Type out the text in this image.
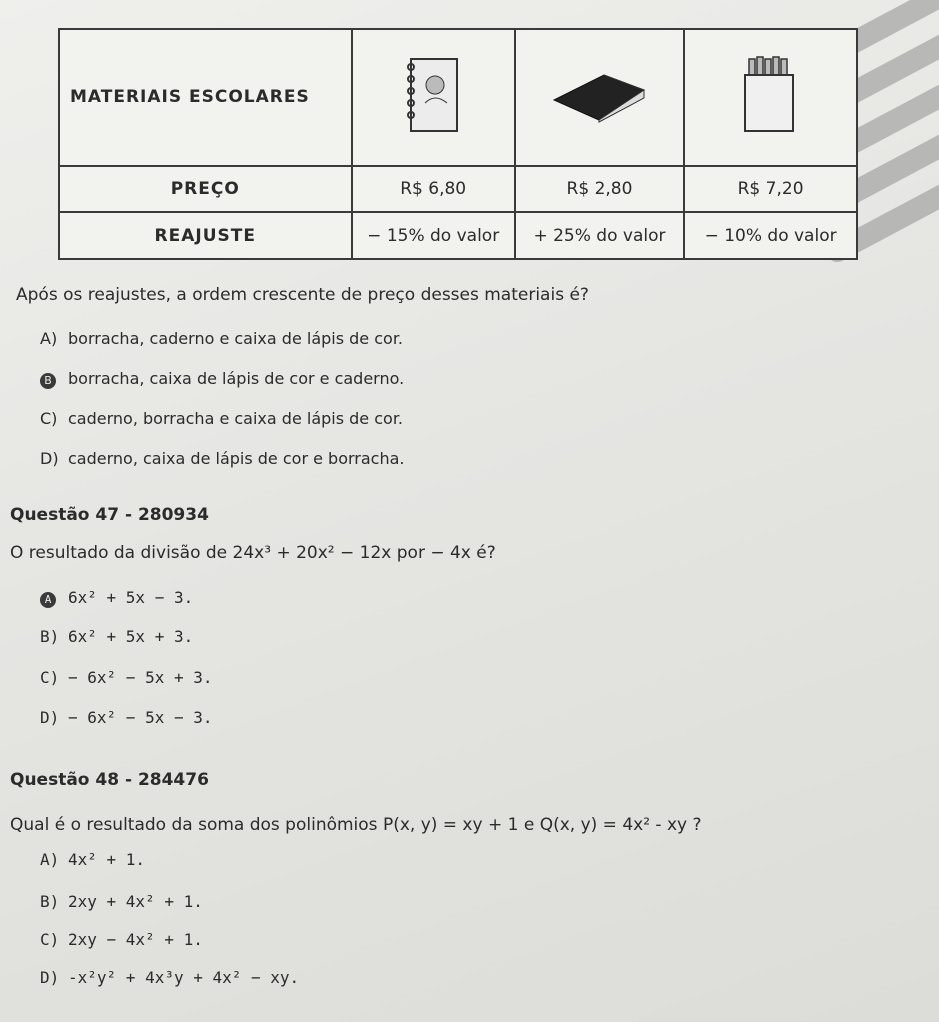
MATERIAIS ESCOLARES			
PREÇO	R$ 6,80	R$ 2,80	R$ 7,20
REAJUSTE	− 15% do valor	+ 25% do valor	− 10% do valor
Após os reajustes, a ordem crescente de preço desses materiais é?
A) borracha, caderno e caixa de lápis de cor.
B borracha, caixa de lápis de cor e caderno.
C) caderno, borracha e caixa de lápis de cor.
D) caderno, caixa de lápis de cor e borracha.
Questão 47 - 280934
O resultado da divisão de 24x³ + 20x² − 12x por − 4x é?
A 6x² + 5x − 3.
B) 6x² + 5x + 3.
C) − 6x² − 5x + 3.
D) − 6x² − 5x − 3.
Questão 48 - 284476
Qual é o resultado da soma dos polinômios P(x, y) = xy + 1 e Q(x, y) = 4x² - xy ?
A) 4x² + 1.
B) 2xy + 4x² + 1.
C) 2xy − 4x² + 1.
D) -x²y² + 4x³y + 4x² − xy.
